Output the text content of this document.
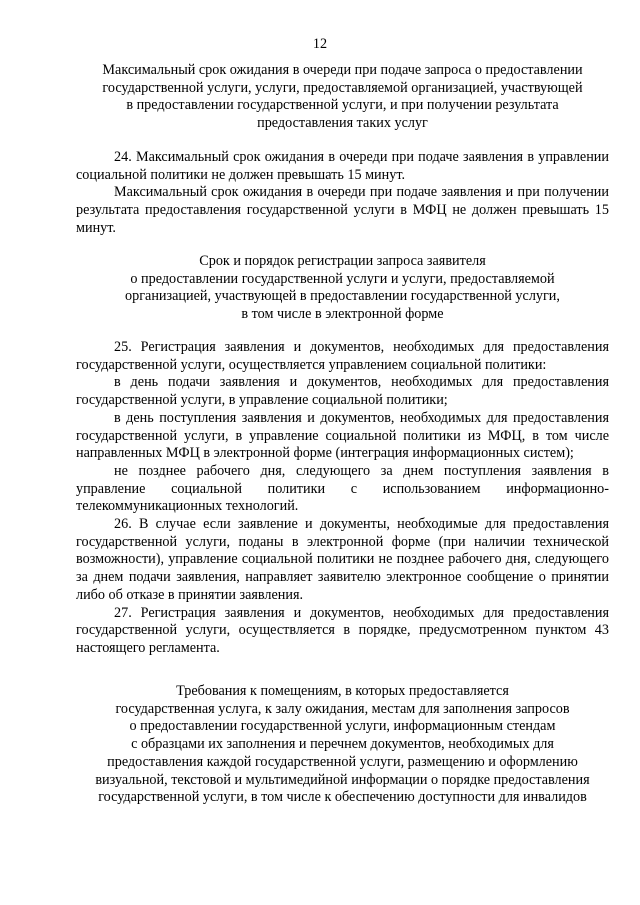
12
Максимальный срок ожидания в очереди при подаче запроса о предоставлении
государственной услуги, услуги, предоставляемой организацией, участвующей
в предоставлении государственной услуги, и при получении результата
предоставления таких услуг

24. Максимальный срок ожидания в очереди при подаче заявления в управлении социальной политики не должен превышать 15 минут.

Максимальный срок ожидания в очереди при подаче заявления и при получении результата предоставления государственной услуги в МФЦ не должен превышать 15 минут.

Срок и порядок регистрации запроса заявителя
о предоставлении государственной услуги и услуги, предоставляемой
организацией, участвующей в предоставлении государственной услуги,
в том числе в электронной форме

25. Регистрация заявления и документов, необходимых для предоставления государственной услуги, осуществляется управлением социальной политики:

в день подачи заявления и документов, необходимых для предоставления государственной услуги, в управление социальной политики;

в день поступления заявления и документов, необходимых для предоставления государственной услуги, в управление социальной политики из МФЦ, в том числе направленных МФЦ в электронной форме (интеграция информационных систем);

не позднее рабочего дня, следующего за днем поступления заявления в управление социальной политики с использованием информационно-телекоммуникационных технологий.

26. В случае если заявление и документы, необходимые для предоставления государственной услуги, поданы в электронной форме (при наличии технической возможности), управление социальной политики не позднее рабочего дня, следующего за днем подачи заявления, направляет заявителю электронное сообщение о принятии либо об отказе в принятии заявления.

27. Регистрация заявления и документов, необходимых для предоставления государственной услуги, осуществляется в порядке, предусмотренном пунктом 43 настоящего регламента.

Требования к помещениям, в которых предоставляется
государственная услуга, к залу ожидания, местам для заполнения запросов
о предоставлении государственной услуги, информационным стендам
с образцами их заполнения и перечнем документов, необходимых для
предоставления каждой государственной услуги, размещению и оформлению
визуальной, текстовой и мультимедийной информации о порядке предоставления
государственной услуги, в том числе к обеспечению доступности для инвалидов
